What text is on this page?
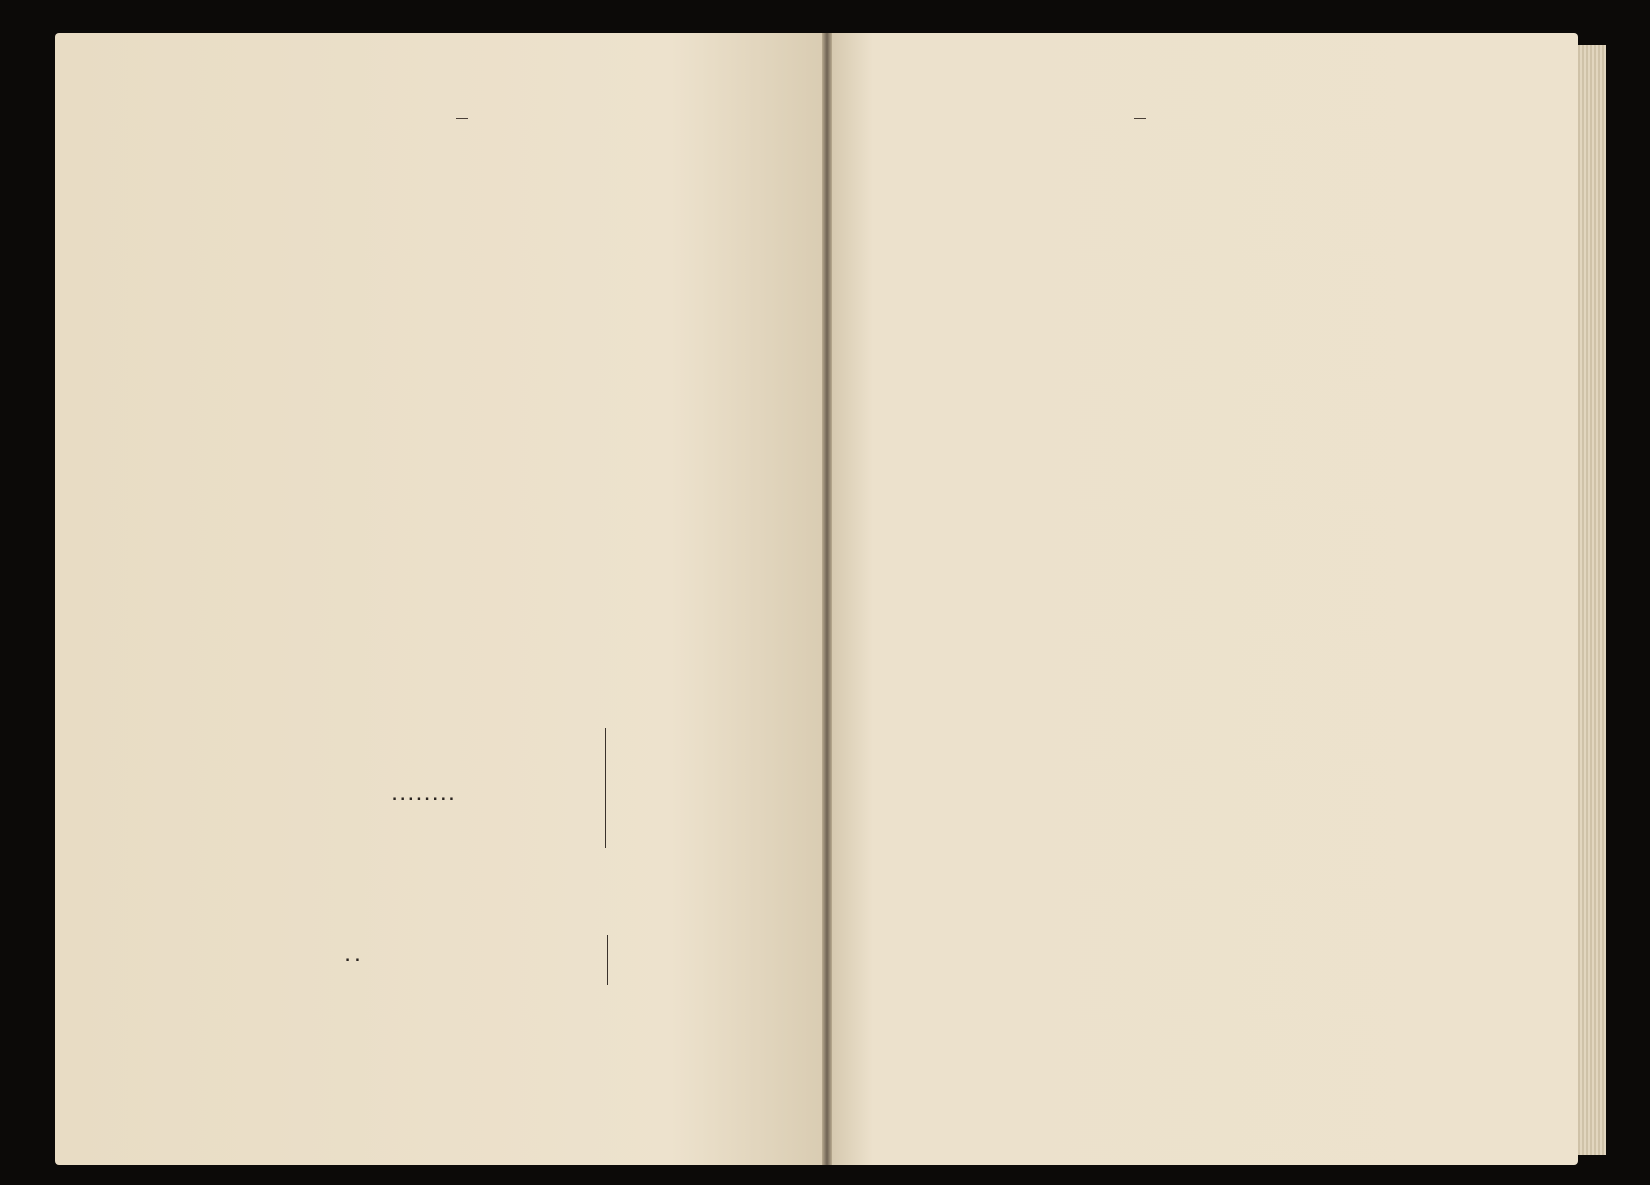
........
. .
